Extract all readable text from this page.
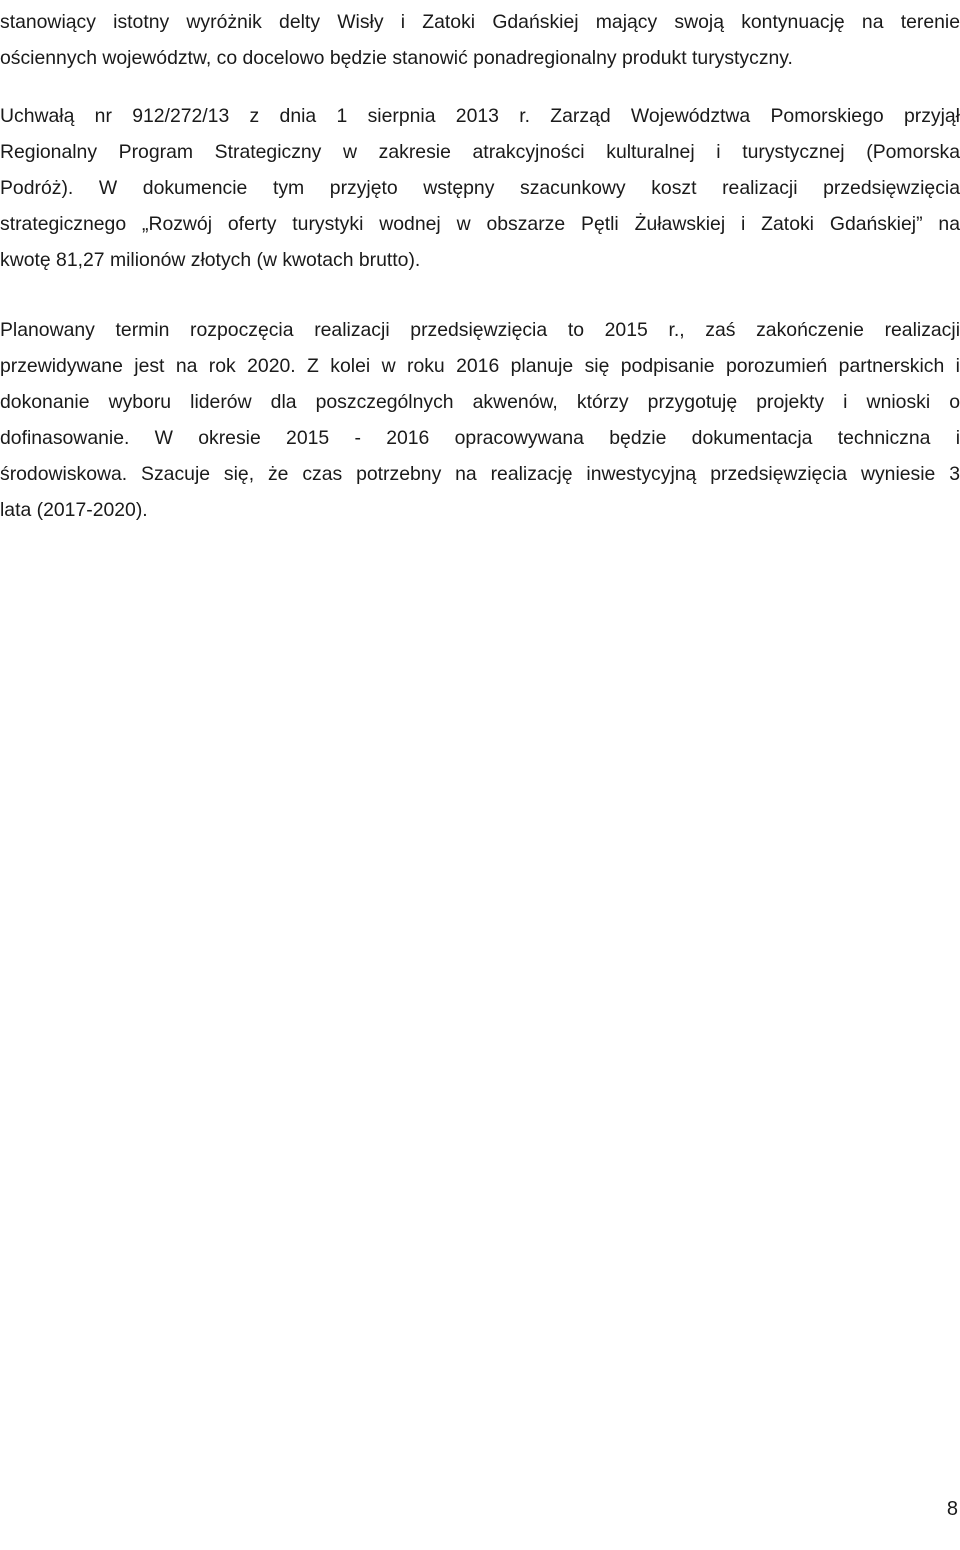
stanowiący istotny wyróżnik delty Wisły i Zatoki Gdańskiej mający swoją kontynuację na terenie
ościennych województw, co docelowo będzie stanowić ponadregionalny produkt turystyczny.
Uchwałą nr 912/272/13 z dnia 1 sierpnia 2013 r. Zarząd Województwa Pomorskiego przyjął
Regionalny Program Strategiczny w zakresie atrakcyjności kulturalnej i turystycznej (Pomorska
Podróż). W dokumencie tym przyjęto wstępny szacunkowy koszt realizacji przedsięwzięcia
strategicznego „Rozwój oferty turystyki wodnej w obszarze Pętli Żuławskiej i Zatoki Gdańskiej” na
kwotę 81,27 milionów złotych (w kwotach brutto).
Planowany termin rozpoczęcia realizacji przedsięwzięcia to 2015 r., zaś zakończenie realizacji
przewidywane jest na rok 2020. Z kolei w roku 2016 planuje się podpisanie porozumień partnerskich i
dokonanie wyboru liderów dla poszczególnych akwenów, którzy przygotuję projekty i wnioski o
dofinasowanie. W okresie 2015 - 2016 opracowywana będzie dokumentacja techniczna i
środowiskowa. Szacuje się, że czas potrzebny na realizację inwestycyjną przedsięwzięcia wyniesie 3
lata (2017-2020).
8
